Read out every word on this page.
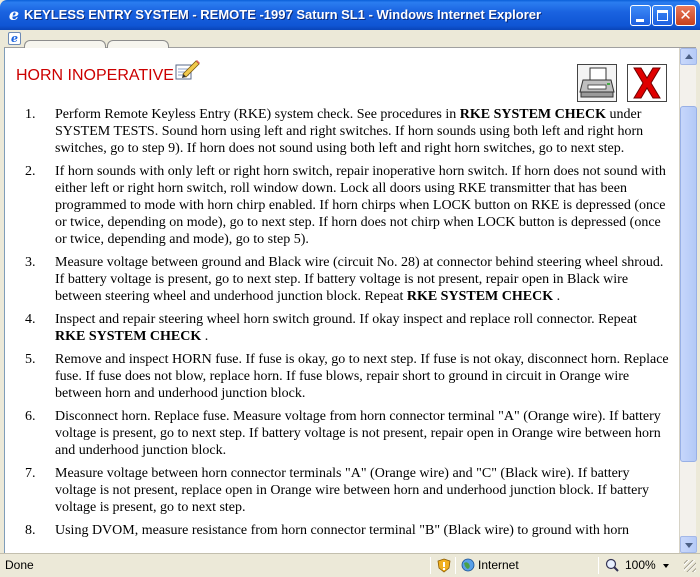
e KEYLESS ENTRY SYSTEM - REMOTE -1997 Saturn SL1 - Windows Internet Explorer	✕
e
HORN INOPERATIVE
1.	Perform Remote Keyless Entry (RKE) system check. See procedures in RKE SYSTEM CHECK under SYSTEM TESTS. Sound horn using left and right switches. If horn sounds using both left and right horn switches, go to step 9). If horn does not sound using both left and right horn switches, go to next step.
2.	If horn sounds with only left or right horn switch, repair inoperative horn switch. If horn does not sound with either left or right horn switch, roll window down. Lock all doors using RKE transmitter that has been programmed to mode with horn chirp enabled. If horn chirps when LOCK button on RKE is depressed (once or twice, depending on mode), go to next step. If horn does not chirp when LOCK button is depressed (once or twice, depending and mode), go to step 5).
3.	Measure voltage between ground and Black wire (circuit No. 28) at connector behind steering wheel shroud. If battery voltage is present, go to next step. If battery voltage is not present, repair open in Black wire between steering wheel and underhood junction block. Repeat RKE SYSTEM CHECK .
4.	Inspect and repair steering wheel horn switch ground. If okay inspect and replace roll connector. Repeat RKE SYSTEM CHECK .
5.	Remove and inspect HORN fuse. If fuse is okay, go to next step. If fuse is not okay, disconnect horn. Replace fuse. If fuse does not blow, replace horn. If fuse blows, repair short to ground in circuit in Orange wire between horn and underhood junction block.
6.	Disconnect horn. Replace fuse. Measure voltage from horn connector terminal "A" (Orange wire). If battery voltage is present, go to next step. If battery voltage is not present, repair open in Orange wire between horn and underhood junction block.
7.	Measure voltage between horn connector terminals "A" (Orange wire) and "C" (Black wire). If battery voltage is not present, replace open in Orange wire between horn and underhood junction block. If battery voltage is present, go to next step.
8.	Using DVOM, measure resistance from horn connector terminal "B" (Black wire) to ground with horn
Done	Internet	100%
